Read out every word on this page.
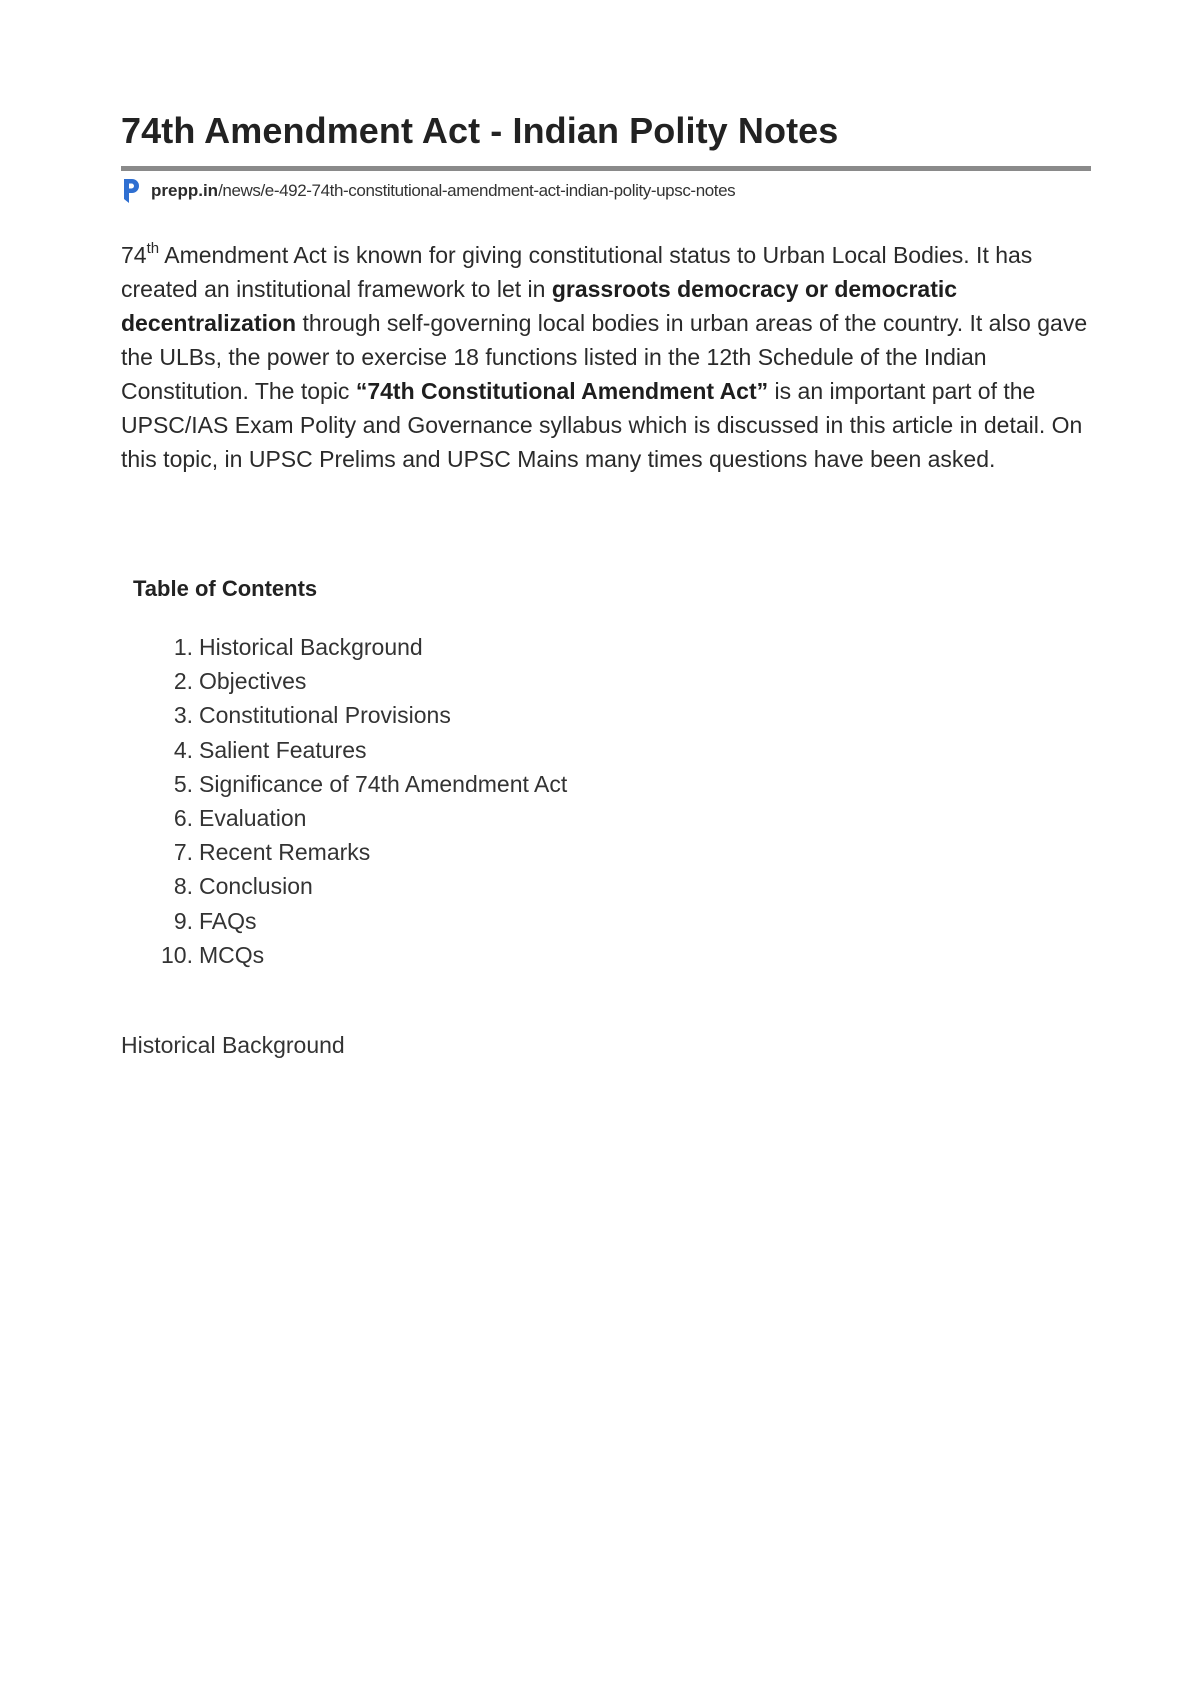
74th Amendment Act - Indian Polity Notes
prepp.in /news/e-492-74th-constitutional-amendment-act-indian-polity-upsc-notes

74th Amendment Act is known for giving constitutional status to Urban Local Bodies. It has created an institutional framework to let in grassroots democracy or democratic decentralization through self-governing local bodies in urban areas of the country. It also gave the ULBs, the power to exercise 18 functions listed in the 12th Schedule of the Indian Constitution. The topic “74th Constitutional Amendment Act” is an important part of the UPSC/IAS Exam Polity and Governance syllabus which is discussed in this article in detail. On this topic, in UPSC Prelims and UPSC Mains many times questions have been asked.

Table of Contents
1. Historical Background
2. Objectives
3. Constitutional Provisions
4. Salient Features
5. Significance of 74th Amendment Act
6. Evaluation
7. Recent Remarks
8. Conclusion
9. FAQs
10. MCQs
Historical Background
